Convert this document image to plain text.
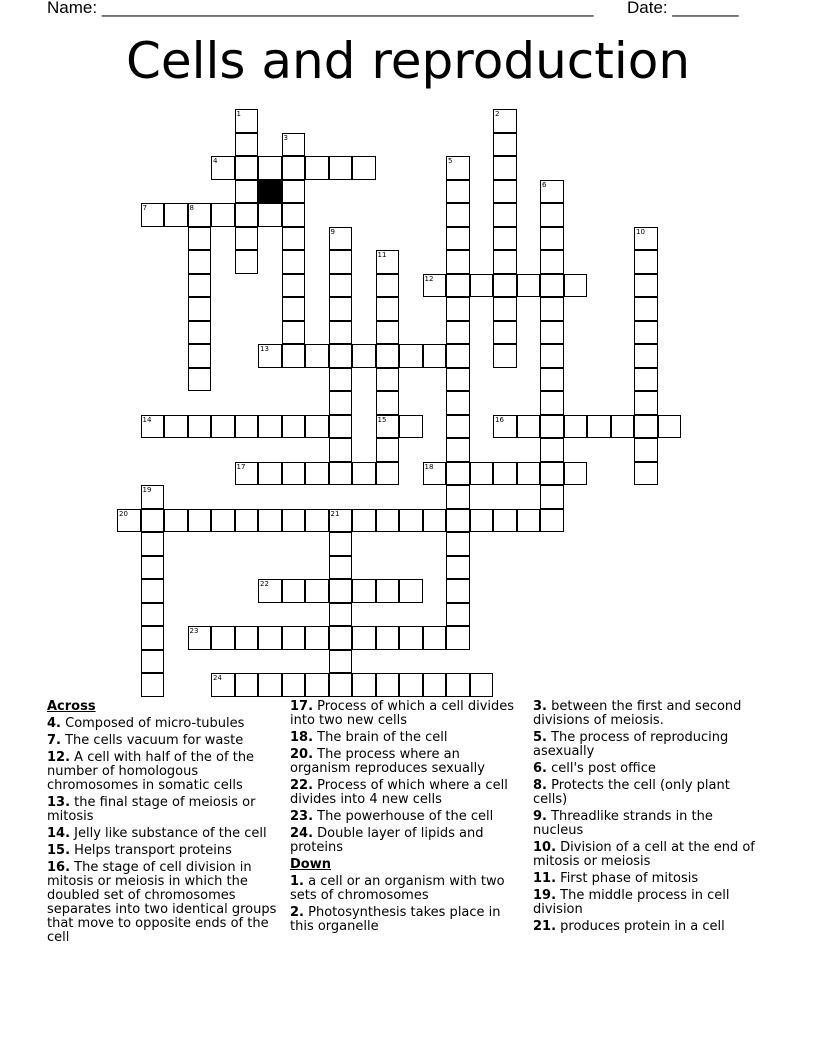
Name: ____________________________________________________ Date: _______
Cells and reproduction
1	2
3
4	5
6
7	8
9	10
11
15
12
13
14	16
17	18
19
20	21
22
23
24
Across
4. Composed of micro-tubules
7. The cells vacuum for waste
12. A cell with half of the of the number of homologous chromosomes in somatic cells
13. the final stage of meiosis or mitosis
14. Jelly like substance of the cell
15. Helps transport proteins
16. The stage of cell division in mitosis or meiosis in which the doubled set of chromosomes separates into two identical groups that move to opposite ends of the cell
17. Process of which a cell divides into two new cells
18. The brain of the cell
20. The process where an organism reproduces sexually
22. Process of which where a cell divides into 4 new cells
23. The powerhouse of the cell
24. Double layer of lipids and proteins
Down
1. a cell or an organism with two sets of chromosomes
2. Photosynthesis takes place in this organelle
3. between the first and second divisions of meiosis.
5. The process of reproducing asexually
6. cell's post office
8. Protects the cell (only plant cells)
9. Threadlike strands in the nucleus
10. Division of a cell at the end of mitosis or meiosis
11. First phase of mitosis
19. The middle process in cell division
21. produces protein in a cell
